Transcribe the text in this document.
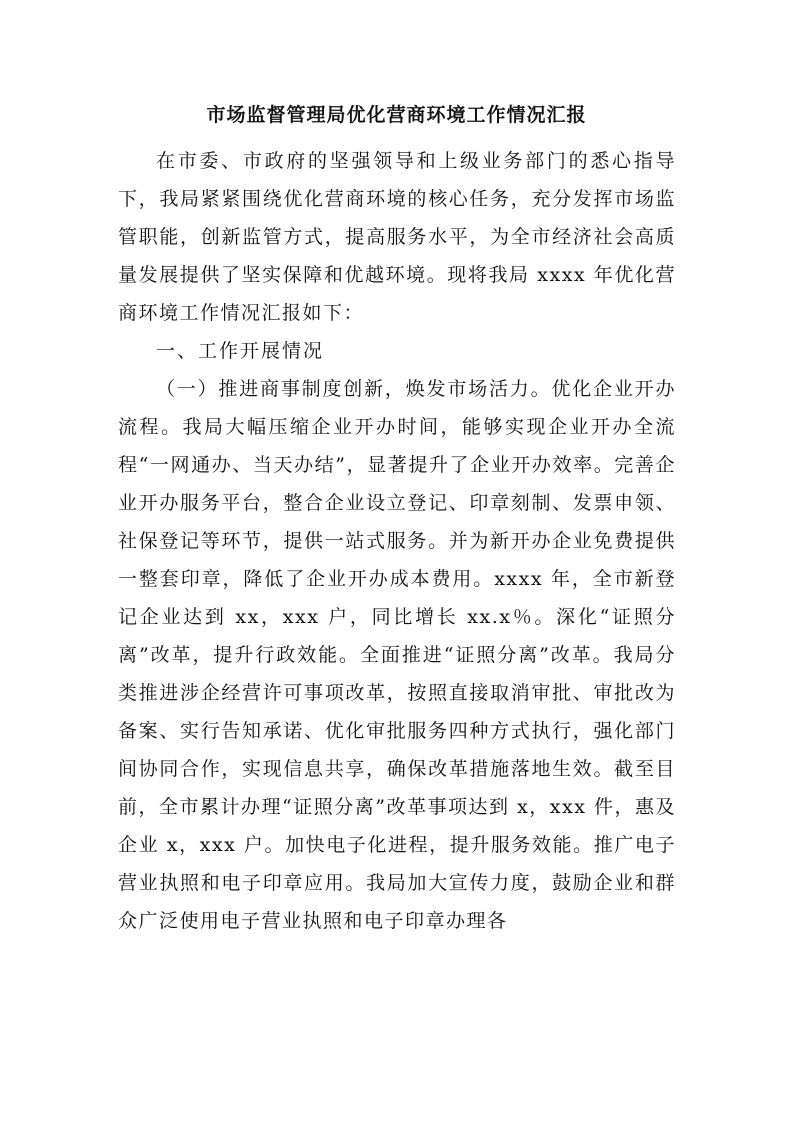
市场监督管理局优化营商环境工作情况汇报

在市委、市政府的坚强领导和上级业务部门的悉心指导下，我局紧紧围绕优化营商环境的核心任务，充分发挥市场监管职能，创新监管方式，提高服务水平，为全市经济社会高质量发展提供了坚实保障和优越环境。现将我局 xxxx 年优化营商环境工作情况汇报如下：

一、工作开展情况

（一）推进商事制度创新，焕发市场活力。优化企业开办流程。我局大幅压缩企业开办时间，能够实现企业开办全流程“一网通办、当天办结”，显著提升了企业开办效率。完善企业开办服务平台，整合企业设立登记、印章刻制、发票申领、社保登记等环节，提供一站式服务。并为新开办企业免费提供一整套印章，降低了企业开办成本费用。xxxx 年，全市新登记企业达到 xx，xxx 户，同比增长 xx.x％。深化“证照分离”改革，提升行政效能。全面推进“证照分离”改革。我局分类推进涉企经营许可事项改革，按照直接取消审批、审批改为备案、实行告知承诺、优化审批服务四种方式执行，强化部门间协同合作，实现信息共享，确保改革措施落地生效。截至目前，全市累计办理“证照分离”改革事项达到 x，xxx 件，惠及企业 x，xxx 户。加快电子化进程，提升服务效能。推广电子营业执照和电子印章应用。我局加大宣传力度，鼓励企业和群众广泛使用电子营业执照和电子印章办理各
